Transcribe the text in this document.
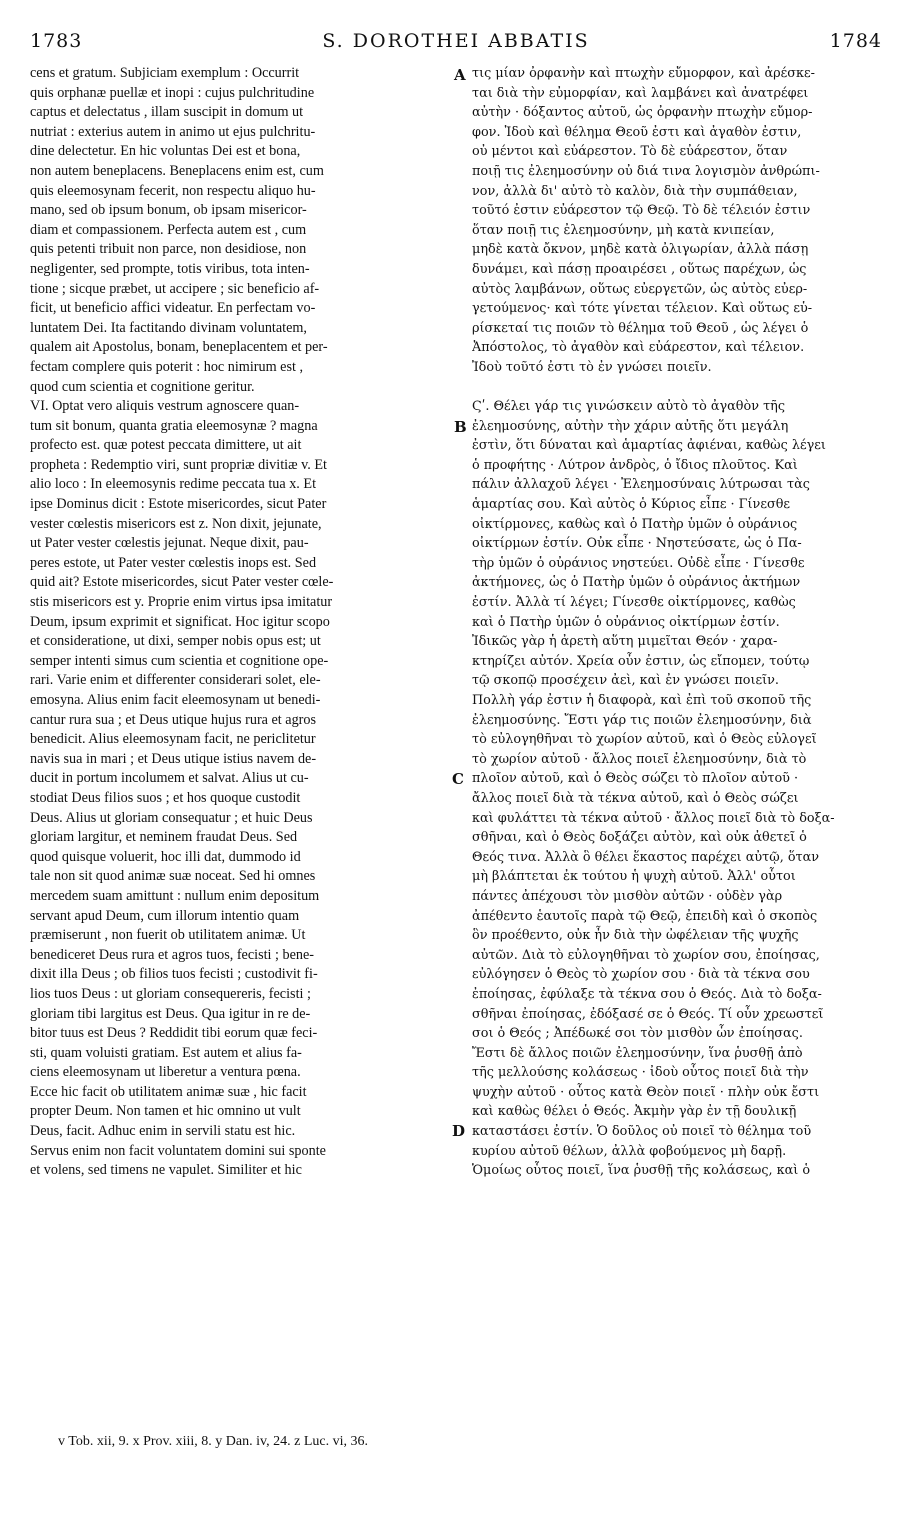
1783	S. DOROTHEI ABBATIS	1784
cens et gratum. Subjiciam exemplum : Occurrit
quis orphanæ puellæ et inopi : cujus pulchritudine
captus et delectatus , illam suscipit in domum ut
nutriat : exterius autem in animo ut ejus pulchritu-
dine delectetur. En hic voluntas Dei est et bona,
non autem beneplacens. Beneplacens enim est, cum
quis eleemosynam fecerit, non respectu aliquo hu-
mano, sed ob ipsum bonum, ob ipsam misericor-
diam et compassionem. Perfecta autem est , cum
quis petenti tribuit non parce, non desidiose, non
negligenter, sed prompte, totis viribus, tota inten-
tione ; sicque præbet, ut accipere ; sic beneficio af-
ficit, ut beneficio affici videatur. En perfectam vo-
luntatem Dei. Ita factitando divinam voluntatem,
qualem ait Apostolus, bonam, beneplacentem et per-
fectam complere quis poterit : hoc nimirum est ,
quod cum scientia et cognitione geritur.
VI. Optat vero aliquis vestrum agnoscere quan-
tum sit bonum, quanta gratia eleemosynæ ? magna
profecto est. quæ potest peccata dimittere, ut ait
propheta : Redemptio viri, sunt propriæ divitiæ v. Et
alio loco : In eleemosynis redime peccata tua x. Et
ipse Dominus dicit : Estote misericordes, sicut Pater
vester cœlestis misericors est z. Non dixit, jejunate,
ut Pater vester cœlestis jejunat. Neque dixit, pau-
peres estote, ut Pater vester cœlestis inops est. Sed
quid ait? Estote misericordes, sicut Pater vester cœle-
stis misericors est y. Proprie enim virtus ipsa imitatur
Deum, ipsum exprimit et significat. Hoc igitur scopo
et consideratione, ut dixi, semper nobis opus est; ut
semper intenti simus cum scientia et cognitione ope-
rari. Varie enim et differenter considerari solet, ele-
emosyna. Alius enim facit eleemosynam ut benedi-
cantur rura sua ; et Deus utique hujus rura et agros
benedicit. Alius eleemosynam facit, ne periclitetur
navis sua in mari ; et Deus utique istius navem de-
ducit in portum incolumem et salvat. Alius ut cu-
stodiat Deus filios suos ; et hos quoque custodit
Deus. Alius ut gloriam consequatur ; et huic Deus
gloriam largitur, et neminem fraudat Deus. Sed
quod quisque voluerit, hoc illi dat, dummodo id
tale non sit quod animæ suæ noceat. Sed hi omnes
mercedem suam amittunt : nullum enim depositum
servant apud Deum, cum illorum intentio quam
præmiserunt , non fuerit ob utilitatem animæ. Ut
benediceret Deus rura et agros tuos, fecisti ; bene-
dixit illa Deus ; ob filios tuos fecisti ; custodivit fi-
lios tuos Deus : ut gloriam consequereris, fecisti ;
gloriam tibi largitus est Deus. Qua igitur in re de-
bitor tuus est Deus ? Reddidit tibi eorum quæ feci-
sti, quam voluisti gratiam. Est autem et alius fa-
ciens eleemosynam ut liberetur a ventura pœna.
Ecce hic facit ob utilitatem animæ suæ , hic facit
propter Deum. Non tamen et hic omnino ut vult
Deus, facit. Adhuc enim in servili statu est hic.
Servus enim non facit voluntatem domini sui sponte
et volens, sed timens ne vapulet. Similiter et hic
τις μίαν ὀρφανὴν καὶ πτωχὴν εὔμορφον, καὶ ἀρέσκε-
ται διὰ τὴν εὐμορφίαν, καὶ λαμβάνει καὶ ἀνατρέφει
αὐτὴν · δόξαντος αὐτοῦ, ὡς ὀρφανὴν πτωχὴν εὔμορ-
φον. Ἰδοὺ καὶ θέλημα Θεοῦ ἐστι καὶ ἀγαθὸν ἐστιν,
οὐ μέντοι καὶ εὐάρεστον. Τὸ δὲ εὐάρεστον, ὅταν
ποιῇ τις ἐλεημοσύνην οὐ διά τινα λογισμὸν ἀνθρώπι-
νον, ἀλλὰ δι' αὐτὸ τὸ καλὸν, διὰ τὴν συμπάθειαν,
τοῦτό ἐστιν εὐάρεστον τῷ Θεῷ. Τὸ δὲ τέλειόν ἐστιν
ὅταν ποιῇ τις ἐλεημοσύνην, μὴ κατὰ κνιπείαν,
μηδὲ κατὰ ὄκνον, μηδὲ κατὰ ὀλιγωρίαν, ἀλλὰ πάσῃ
δυνάμει, καὶ πάσῃ προαιρέσει , οὕτως παρέχων, ὡς
αὐτὸς λαμβάνων, οὕτως εὐεργετῶν, ὡς αὐτὸς εὐερ-
γετούμενος· καὶ τότε γίνεται τέλειον. Καὶ οὕτως εὑ-
ρίσκεταί τις ποιῶν τὸ θέλημα τοῦ Θεοῦ , ὡς λέγει ὁ
Ἀπόστολος, τὸ ἀγαθὸν καὶ εὐάρεστον, καὶ τέλειον.
Ἰδοὺ τοῦτό ἐστι τὸ ἐν γνώσει ποιεῖν.
Ϛʹ. Θέλει γάρ τις γινώσκειν αὐτὸ τὸ ἀγαθὸν τῆς
ἐλεημοσύνης, αὐτὴν τὴν χάριν αὐτῆς ὅτι μεγάλη
ἐστὶν, ὅτι δύναται καὶ ἁμαρτίας ἀφιέναι, καθὼς λέγει
ὁ προφήτης · Λύτρον ἀνδρὸς, ὁ ἴδιος πλοῦτος. Καὶ
πάλιν ἀλλαχοῦ λέγει · Ἐλεημοσύναις λύτρωσαι τὰς
ἁμαρτίας σου. Καὶ αὐτὸς ὁ Κύριος εἶπε · Γίνεσθε
οἰκτίρμονες, καθὼς καὶ ὁ Πατὴρ ὑμῶν ὁ οὐράνιος
οἰκτίρμων ἐστίν. Οὐκ εἶπε · Νηστεύσατε, ὡς ὁ Πα-
τὴρ ὑμῶν ὁ οὐράνιος νηστεύει. Οὐδὲ εἶπε · Γίνεσθε
ἀκτήμονες, ὡς ὁ Πατὴρ ὑμῶν ὁ οὐράνιος ἀκτήμων
ἐστίν. Ἀλλὰ τί λέγει; Γίνεσθε οἰκτίρμονες, καθὼς
καὶ ὁ Πατὴρ ὑμῶν ὁ οὐράνιος οἰκτίρμων ἐστίν.
Ἰδικῶς γὰρ ἡ ἀρετὴ αὕτη μιμεῖται Θεόν · χαρα-
κτηρίζει αὐτόν. Χρεία οὖν ἐστιν, ὡς εἴπομεν, τούτῳ
τῷ σκοπῷ προσέχειν ἀεὶ, καὶ ἐν γνώσει ποιεῖν.
Πολλὴ γάρ ἐστιν ἡ διαφορὰ, καὶ ἐπὶ τοῦ σκοποῦ τῆς
ἐλεημοσύνης. Ἔστι γάρ τις ποιῶν ἐλεημοσύνην, διὰ
τὸ εὐλογηθῆναι τὸ χωρίον αὐτοῦ, καὶ ὁ Θεὸς εὐλογεῖ
τὸ χωρίον αὐτοῦ · ἄλλος ποιεῖ ἐλεημοσύνην, διὰ τὸ
πλοῖον αὐτοῦ, καὶ ὁ Θεὸς σώζει τὸ πλοῖον αὐτοῦ ·
ἄλλος ποιεῖ διὰ τὰ τέκνα αὐτοῦ, καὶ ὁ Θεὸς σώζει
καὶ φυλάττει τὰ τέκνα αὐτοῦ · ἄλλος ποιεῖ διὰ τὸ δοξα-
σθῆναι, καὶ ὁ Θεὸς δοξάζει αὐτὸν, καὶ οὐκ ἀθετεῖ ὁ
Θεός τινα. Ἀλλὰ ὃ θέλει ἕκαστος παρέχει αὐτῷ, ὅταν
μὴ βλάπτεται ἐκ τούτου ἡ ψυχὴ αὐτοῦ. Ἀλλ' οὗτοι
πάντες ἀπέχουσι τὸν μισθὸν αὐτῶν · οὐδὲν γὰρ
ἀπέθεντο ἑαυτοῖς παρὰ τῷ Θεῷ, ἐπειδὴ καὶ ὁ σκοπὸς
ὃν προέθεντο, οὐκ ἦν διὰ τὴν ὠφέλειαν τῆς ψυχῆς
αὐτῶν. Διὰ τὸ εὐλογηθῆναι τὸ χωρίον σου, ἐποίησας,
εὐλόγησεν ὁ Θεὸς τὸ χωρίον σου · διὰ τὰ τέκνα σου
ἐποίησας, ἐφύλαξε τὰ τέκνα σου ὁ Θεός. Διὰ τὸ δοξα-
σθῆναι ἐποίησας, ἐδόξασέ σε ὁ Θεός. Τί οὖν χρεωστεῖ
σοι ὁ Θεός ; Ἀπέδωκέ σοι τὸν μισθὸν ὧν ἐποίησας.
Ἔστι δὲ ἄλλος ποιῶν ἐλεημοσύνην, ἵνα ῥυσθῇ ἀπὸ
τῆς μελλούσης κολάσεως · ἰδοὺ οὗτος ποιεῖ διὰ τὴν
ψυχὴν αὐτοῦ · οὗτος κατὰ Θεὸν ποιεῖ · πλὴν οὐκ ἔστι
καὶ καθὼς θέλει ὁ Θεός. Ἀκμὴν γὰρ ἐν τῇ δουλικῇ
καταστάσει ἐστίν. Ὁ δοῦλος οὐ ποιεῖ τὸ θέλημα τοῦ
κυρίου αὐτοῦ θέλων, ἀλλὰ φοβούμενος μὴ δαρῇ.
Ὁμοίως οὗτος ποιεῖ, ἵνα ῥυσθῇ τῆς κολάσεως, καὶ ὁ
A
B
C
D
v Tob. xii, 9. x Prov. xiii, 8. y Dan. iv, 24. z Luc. vi, 36.
